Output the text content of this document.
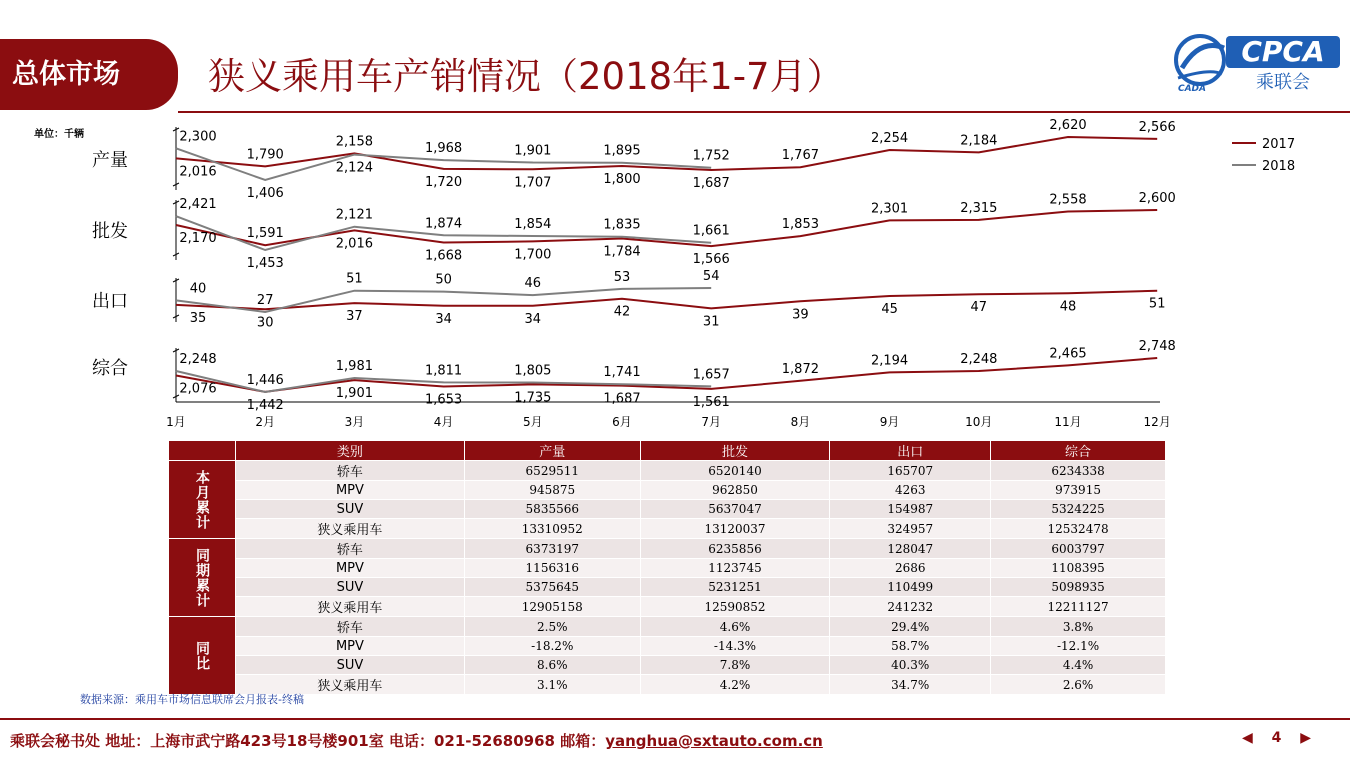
总体市场	狭义乘用车产销情况（2018年1-7月）
CPCA
乘联会
CADA
单位：千辆
产量
2,016
1,790
2,158
1,720	1,707	1,800	1,687
1,767
2,254	2,184
2,620	2,566
2,300
1,406
2,124
1,968	1,901	1,895	1,752
批发	2,170 1,591
2,016
1,668	1,700	1,784
1,566
1,853
2,301	2,315
2,558	2,600
2,421
1,453
2,121
1,874	1,854	1,835	1,661
出口
35	30	37	34	34	42
31	39	45	47	48	51
40
27
51	50	46	53	54
综合
2,076
1,446
1,901	1,653	1,735	1,687	1,561
1,872
2,194	2,248	2,465	2,748
2,248
1,442
1,981	1,811	1,805	1,741	1,657
1月	2月	3月	4月	5月	6月	7月	8月	9月	10月	11月	12月
2017
2018
	类别	产量	批发	出口	综合
本月累计	轿车	6529511	6520140	165707	6234338
	MPV	945875	962850	4263	973915
	SUV	5835566	5637047	154987	5324225
	狭义乘用车	13310952	13120037	324957	12532478
同期累计	轿车	6373197	6235856	128047	6003797
	MPV	1156316	1123745	2686	1108395
	SUV	5375645	5231251	110499	5098935
	狭义乘用车	12905158	12590852	241232	12211127
同比	轿车	2.5%	4.6%	29.4%	3.8%
	MPV	-18.2%	-14.3%	58.7%	-12.1%
	SUV	8.6%	7.8%	40.3%	4.4%
	狭义乘用车	3.1%	4.2%	34.7%	2.6%
数据来源：乘用车市场信息联席会月报表-终稿
乘联会秘书处 地址：上海市武宁路423号18号楼901室 电话：021-52680968 邮箱：yanghua@sxtauto.com.cn	◀ 4 ▶
